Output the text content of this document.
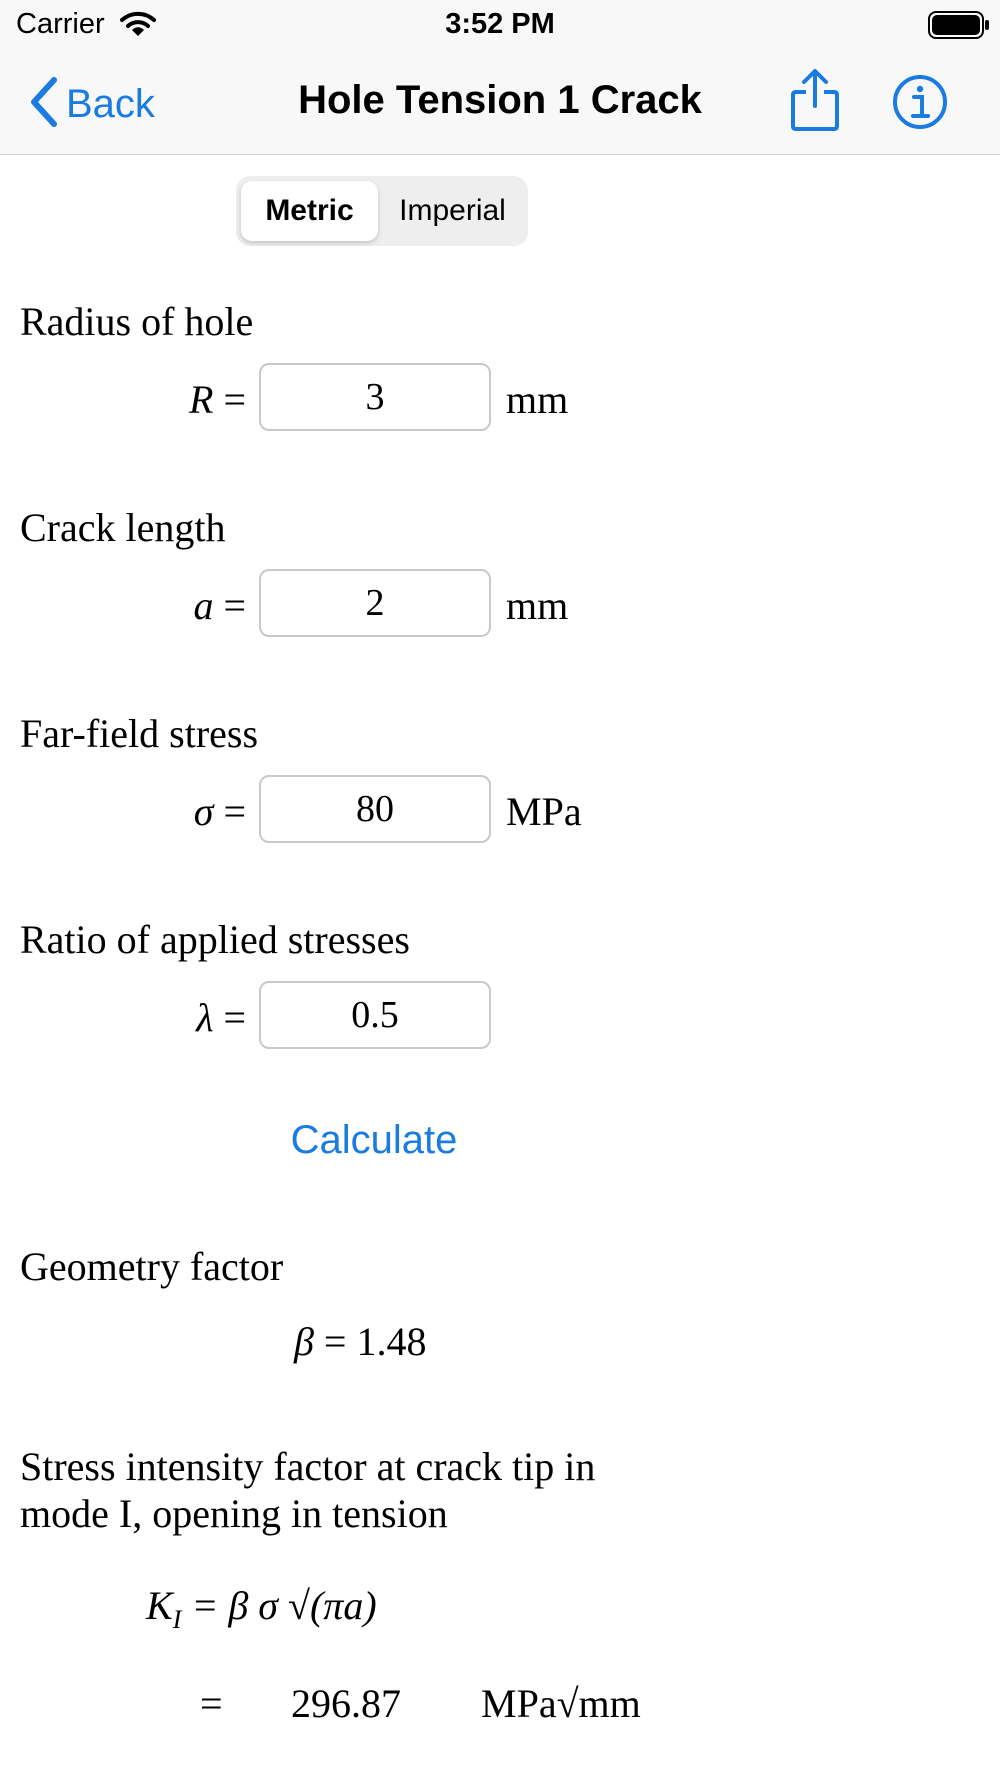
Carrier	3:52 PM
Back	Hole Tension 1 Crack
Metric	Imperial
Radius of hole
R =	3	mm
Crack length
a =	2	mm
Far-field stress
σ =	80	MPa
Ratio of applied stresses
λ =	0.5
Calculate
Geometry factor
β = 1.48
Stress intensity factor at crack tip in
mode I, opening in tension
$K_I = \beta$ σ √(πa)
= 296.87 MPa√mm
